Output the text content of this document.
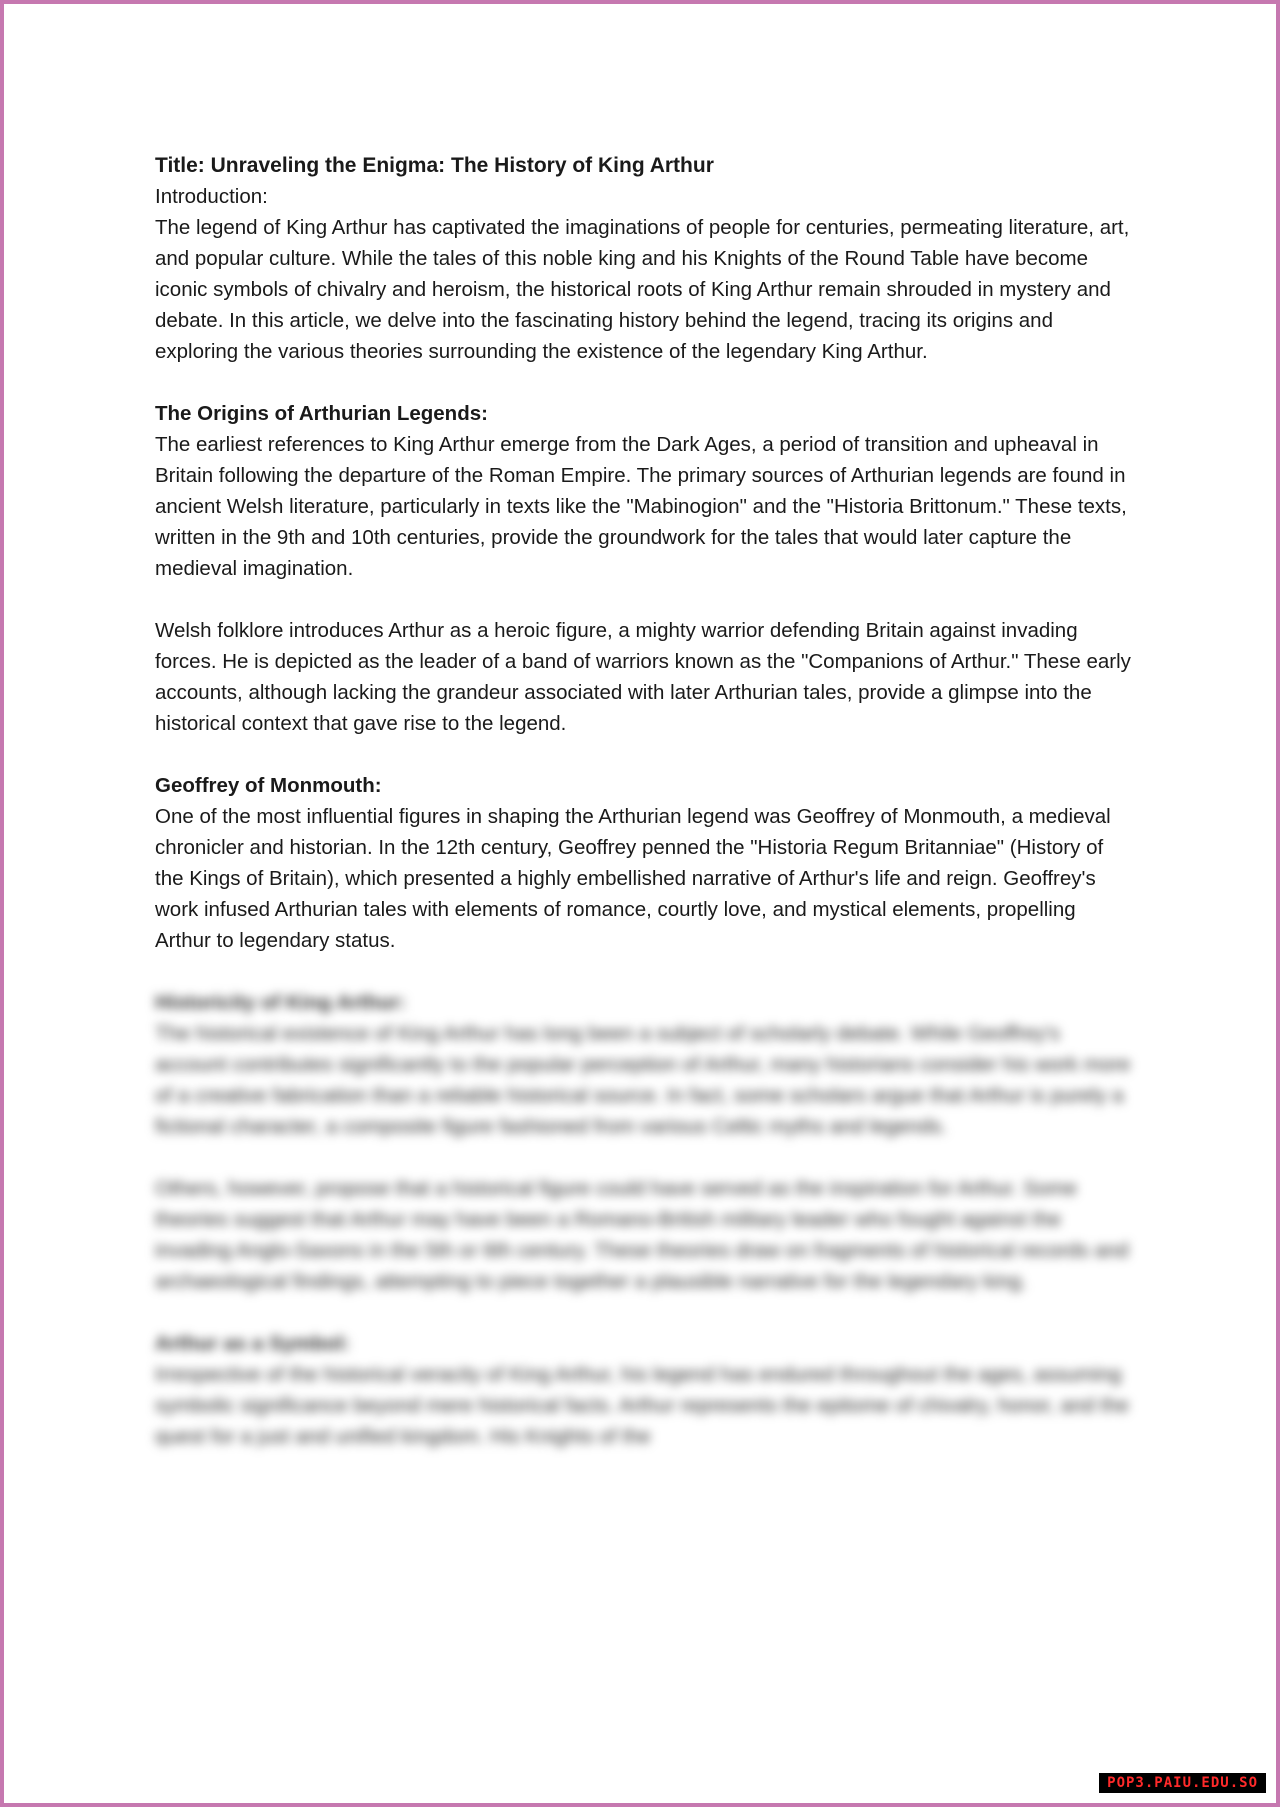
Title: Unraveling the Enigma: The History of King Arthur

Introduction:

The legend of King Arthur has captivated the imaginations of people for centuries, permeating literature, art, and popular culture. While the tales of this noble king and his Knights of the Round Table have become iconic symbols of chivalry and heroism, the historical roots of King Arthur remain shrouded in mystery and debate. In this article, we delve into the fascinating history behind the legend, tracing its origins and exploring the various theories surrounding the existence of the legendary King Arthur.

The Origins of Arthurian Legends:

The earliest references to King Arthur emerge from the Dark Ages, a period of transition and upheaval in Britain following the departure of the Roman Empire. The primary sources of Arthurian legends are found in ancient Welsh literature, particularly in texts like the "Mabinogion" and the "Historia Brittonum." These texts, written in the 9th and 10th centuries, provide the groundwork for the tales that would later capture the medieval imagination.

Welsh folklore introduces Arthur as a heroic figure, a mighty warrior defending Britain against invading forces. He is depicted as the leader of a band of warriors known as the "Companions of Arthur." These early accounts, although lacking the grandeur associated with later Arthurian tales, provide a glimpse into the historical context that gave rise to the legend.

Geoffrey of Monmouth:

One of the most influential figures in shaping the Arthurian legend was Geoffrey of Monmouth, a medieval chronicler and historian. In the 12th century, Geoffrey penned the "Historia Regum Britanniae" (History of the Kings of Britain), which presented a highly embellished narrative of Arthur's life and reign. Geoffrey's work infused Arthurian tales with elements of romance, courtly love, and mystical elements, propelling Arthur to legendary status.

Historicity of King Arthur:

The historical existence of King Arthur has long been a subject of scholarly debate. While Geoffrey's account contributes significantly to the popular perception of Arthur, many historians consider his work more of a creative fabrication than a reliable historical source. In fact, some scholars argue that Arthur is purely a fictional character, a composite figure fashioned from various Celtic myths and legends.

Others, however, propose that a historical figure could have served as the inspiration for Arthur. Some theories suggest that Arthur may have been a Romano-British military leader who fought against the invading Anglo-Saxons in the 5th or 6th century. These theories draw on fragments of historical records and archaeological findings, attempting to piece together a plausible narrative for the legendary king.

Arthur as a Symbol:

Irrespective of the historical veracity of King Arthur, his legend has endured throughout the ages, assuming symbolic significance beyond mere historical facts. Arthur represents the epitome of chivalry, honor, and the quest for a just and unified kingdom. His Knights of the

POP3.PAIU.EDU.SO
